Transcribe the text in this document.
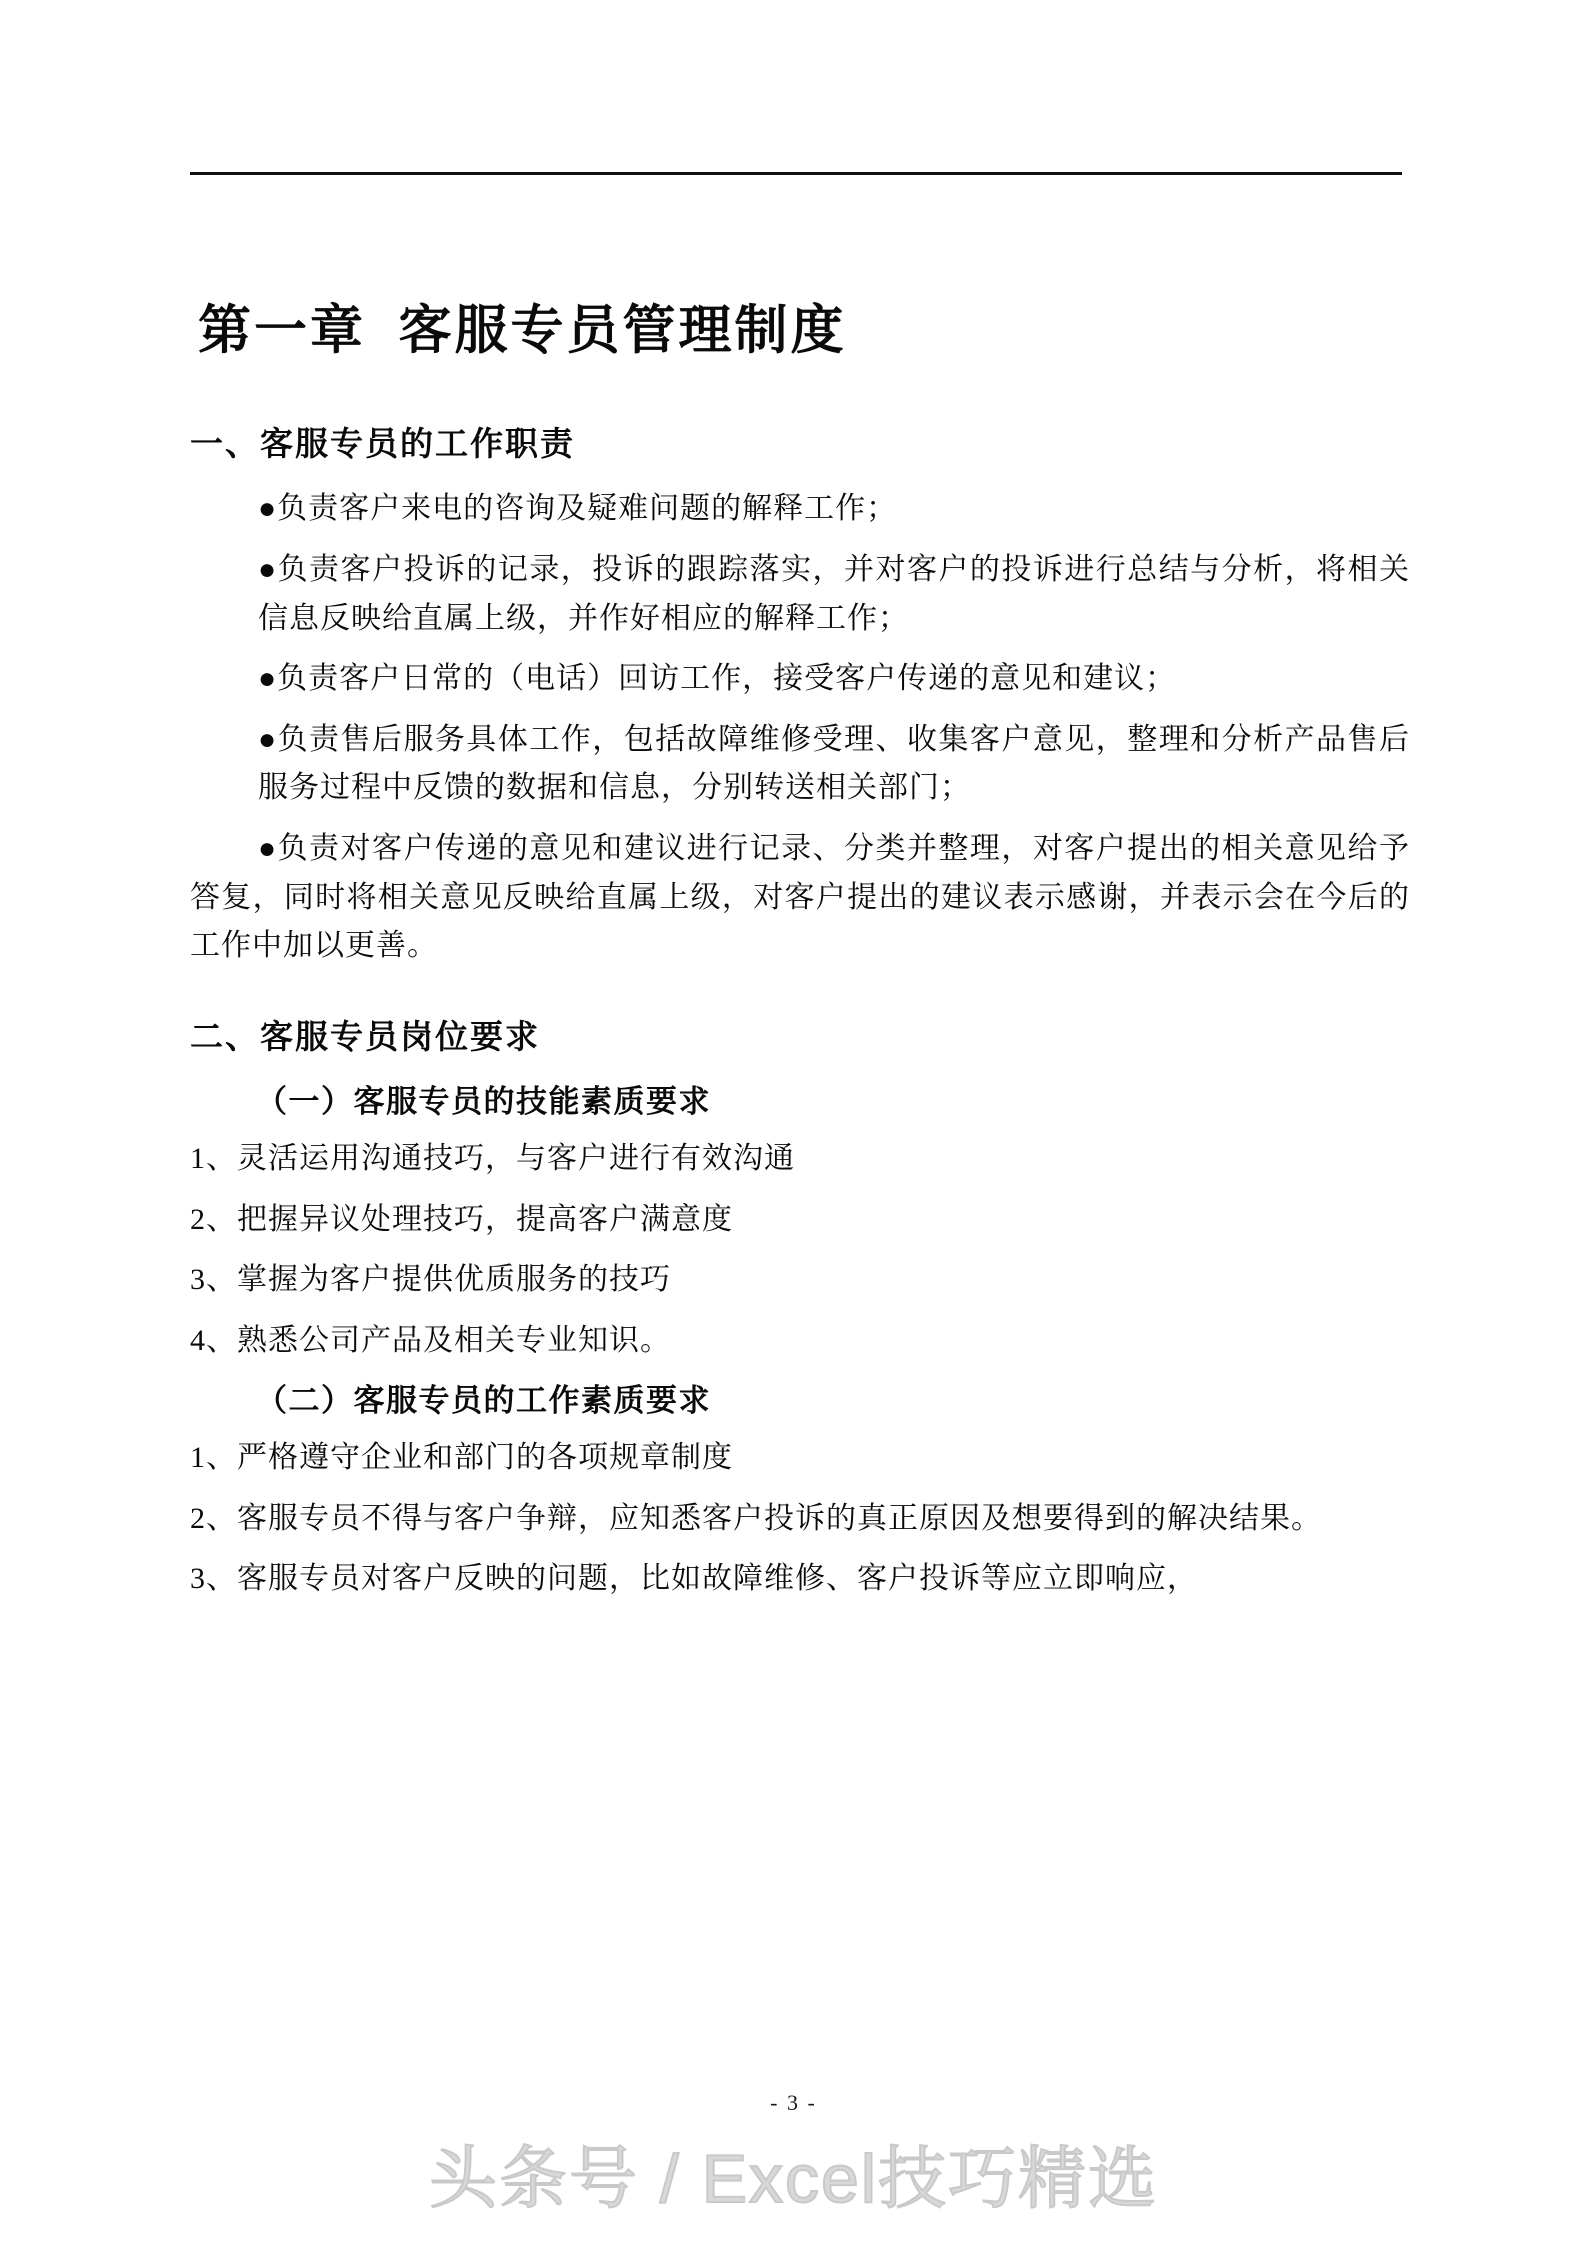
第一章  客服专员管理制度
一、客服专员的工作职责

●负责客户来电的咨询及疑难问题的解释工作；

●负责客户投诉的记录，投诉的跟踪落实，并对客户的投诉进行总结与分析，将相关信息反映给直属上级，并作好相应的解释工作；

●负责客户日常的（电话）回访工作，接受客户传递的意见和建议；

●负责售后服务具体工作，包括故障维修受理、收集客户意见，整理和分析产品售后服务过程中反馈的数据和信息，分别转送相关部门；

●负责对客户传递的意见和建议进行记录、分类并整理，对客户提出的相关意见给予答复，同时将相关意见反映给直属上级，对客户提出的建议表示感谢，并表示会在今后的工作中加以更善。

二、客服专员岗位要求
（一）客服专员的技能素质要求

1、灵活运用沟通技巧，与客户进行有效沟通

2、把握异议处理技巧，提高客户满意度

3、掌握为客户提供优质服务的技巧

4、熟悉公司产品及相关专业知识。

（二）客服专员的工作素质要求

1、严格遵守企业和部门的各项规章制度

2、客服专员不得与客户争辩，应知悉客户投诉的真正原因及想要得到的解决结果。

3、客服专员对客户反映的问题，比如故障维修、客户投诉等应立即响应，

- 3 -
头条号 / Excel技巧精选
